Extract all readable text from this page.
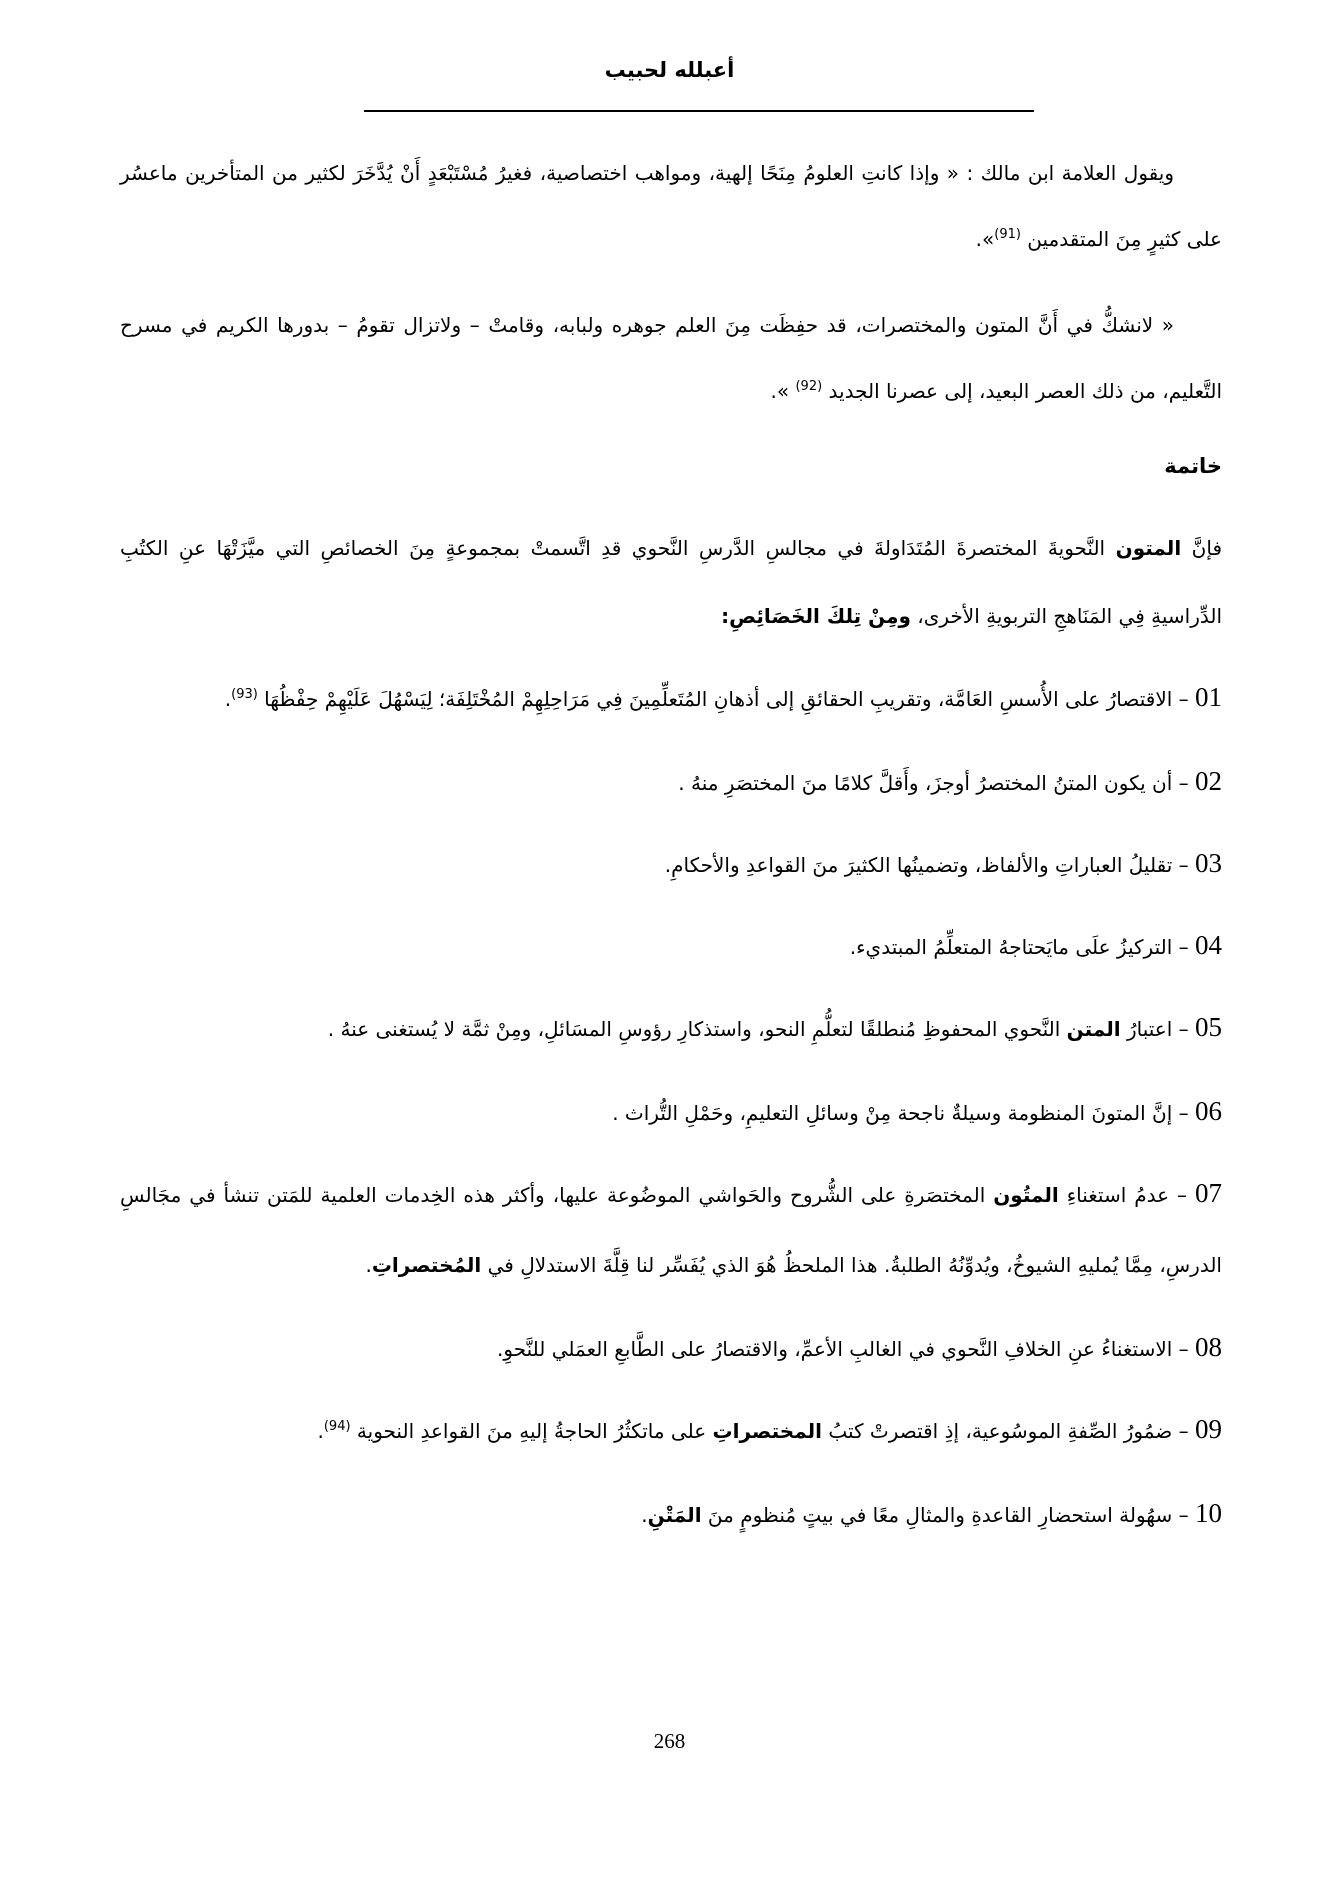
أعبلله لحبيب

ويقول العلامة ابن مالك : « وإذا كانتِ العلومُ مِنَحًا إلهية، ومواهب اختصاصية، فغيرُ مُسْتَبْعَدٍ أَنْ يُدَّخَرَ لكثير من المتأخرين ماعسُر على كثيرٍ مِنَ المتقدمين $^{(91)}$».

« لانشكُّ في أَنَّ المتون والمختصرات، قد حفِظَت مِنَ العلم جوهره ولبابه، وقامتْ – ولاتزال تقومُ – بدورها الكريم في مسرح التَّعليم، من ذلك العصر البعيد، إلى عصرنا الجديد $^{(92)}$ ».

خاتمة

فإنَّ المتون النَّحويةَ المختصرةَ المُتَدَاولةَ في مجالسِ الدَّرسِ النَّحوي قدِ اتَّسمتْ بمجموعةٍ مِنَ الخصائصِ التي ميَّزَتْهَا عنِ الكتُبِ الدِّراسيةِ فِي المَنَاهجِ التربويةِ الأخرى، ومِنْ تِلكَ الخَصَائِصِ:

01 – الاقتصارُ على الأُسسِ العَامَّة، وتقريبِ الحقائقِ إلى أذهانِ المُتَعلِّمِينَ فِي مَرَاحِلِهِمْ المُخْتَلِفَة؛ لِيَسْهُلَ عَلَيْهِمْ حِفْظُهَا $^{(93)}$.

02 – أن يكون المتنُ المختصرُ أوجزَ، وأَقلَّ كلامًا منَ المختصَرِ منهُ .

03 – تقليلُ العباراتِ والألفاظ، وتضمينُها الكثيرَ منَ القواعدِ والأحكامِ.

04 – التركيزُ علَى مايَحتاجهُ المتعلِّمُ المبتديء.

05 – اعتبارُ المتن النَّحوي المحفوظِ مُنطلقًا لتعلُّمِ النحو، واستذكارِ رؤوسِ المسَائلِ، ومِنْ ثمَّة لا يُستغنى عنهُ .

06 – إنَّ المتونَ المنظومة وسيلةٌ ناجحة مِنْ وسائلِ التعليمِ، وحَمْلِ التُّراث .

07 – عدمُ استغناءِ المتُون المختصَرةِ على الشُّروح والحَواشي الموضُوعة عليها، وأكثر هذه الخِدمات العلمية للمَتن تنشأ في مجَالسِ الدرسِ، مِمَّا يُمليهِ الشيوخُ، ويُدوِّنُهُ الطلبةُ. هذا الملحظُ هُوَ الذي يُفَسِّر لنا قِلَّةَ الاستدلالِ في المُختصراتِ.

08 – الاستغناءُ عنِ الخلافِ النَّحوي في الغالبِ الأعمِّ، والاقتصارُ على الطَّابعِ العمَلي للنَّحوِ.

09 – ضمُورُ الصِّفةِ الموسُوعية، إذِ اقتصرتْ كتبُ المختصراتِ على ماتكثُرُ الحاجةُ إليهِ منَ القواعدِ النحوية $^{(94)}$.

10 – سهُولة استحضارِ القاعدةِ والمثالِ معًا في بيتٍ مُنظومٍ منَ المَتْنِ.

268
